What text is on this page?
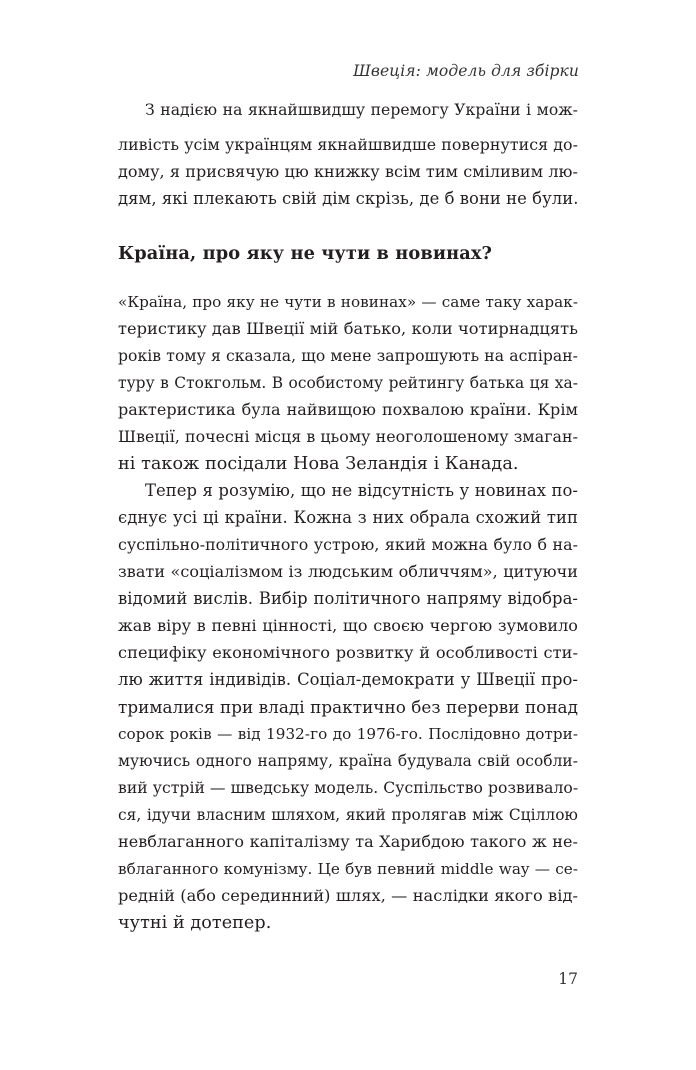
Швеція: модель для збірки
З надією на якнайшвидшу перемогу України і мож-
ливість усім українцям якнайшвидше повернутися до-
дому, я присвячую цю книжку всім тим сміливим лю-
дям, які плекають свій дім скрізь, де б вони не були.
Країна, про яку не чути в новинах?
«Країна, про яку не чути в новинах» — саме таку харак-
теристику дав Швеції мій батько, коли чотирнадцять
років тому я сказала, що мене запрошують на аспіран-
туру в Стокгольм. В особистому рейтингу батька ця ха-
рактеристика була найвищою похвалою країни. Крім
Швеції, почесні місця в цьому неоголошеному змаган-
ні також посідали Нова Зеландія і Канада.
Тепер я розумію, що не відсутність у новинах по-
єднує усі ці країни. Кожна з них обрала схожий тип
суспільно-політичного устрою, який можна було б на-
звати «соціалізмом із людським обличчям», цитуючи
відомий вислів. Вибір політичного напряму відобра-
жав віру в певні цінності, що своєю чергою зумовило
специфіку економічного розвитку й особливості сти-
лю життя індивідів. Соціал-демократи у Швеції про-
трималися при владі практично без перерви понад
сорок років — від 1932-го до 1976-го. Послідовно дотри-
муючись одного напряму, країна будувала свій особли-
вий устрій — шведську модель. Суспільство розвивало-
ся, ідучи власним шляхом, який пролягав між Сціллою
невблаганного капіталізму та Харибдою такого ж не-
вблаганного комунізму. Це був певний middle way — се-
редній (або серединний) шлях, — наслідки якого від-
чутні й дотепер.
17
